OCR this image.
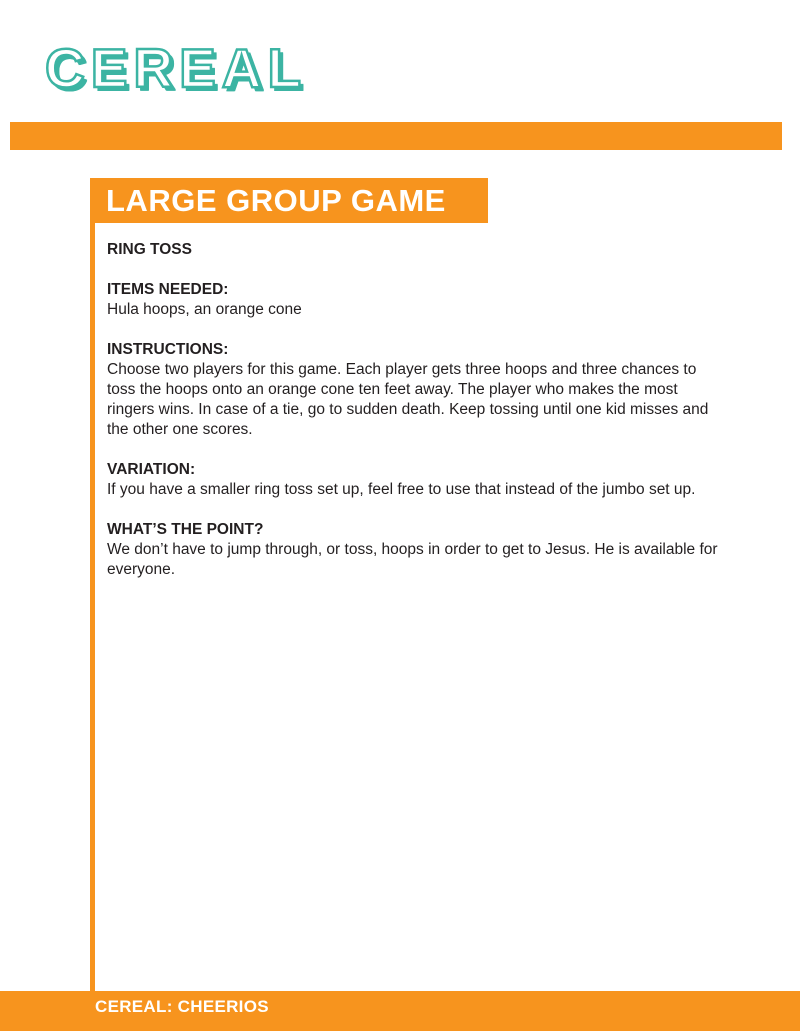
CEREAL
LARGE GROUP GAME
RING TOSS
ITEMS NEEDED:
Hula hoops, an orange cone
INSTRUCTIONS:
Choose two players for this game. Each player gets three hoops and three chances to toss the hoops onto an orange cone ten feet away. The player who makes the most ringers wins. In case of a tie, go to sudden death. Keep tossing until one kid misses and the other one scores.
VARIATION:
If you have a smaller ring toss set up, feel free to use that instead of the jumbo set up.
WHAT’S THE POINT?
We don’t have to jump through, or toss, hoops in order to get to Jesus. He is available for everyone.
CEREAL: CHEERIOS
